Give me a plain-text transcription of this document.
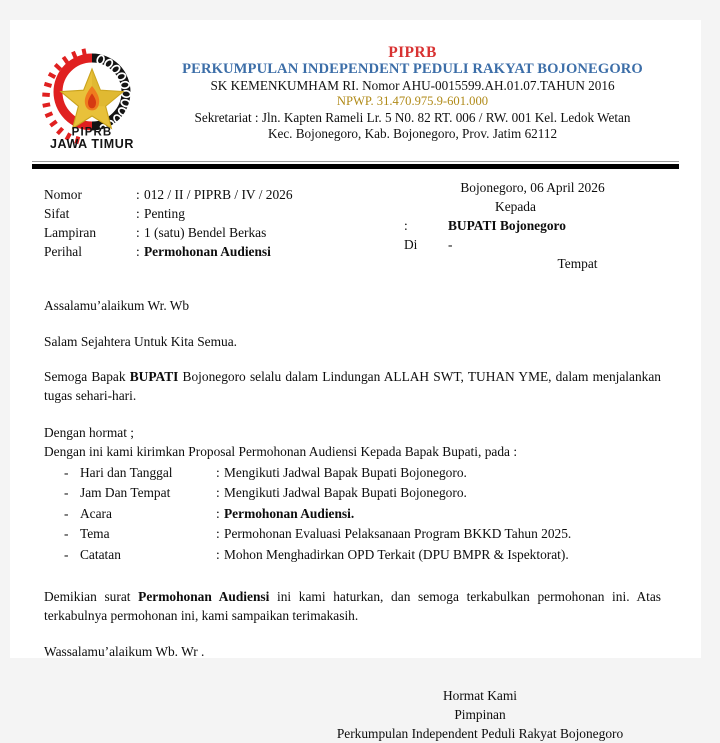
PIPRB
JAWA TIMUR
PIPRB
PERKUMPULAN INDEPENDENT PEDULI RAKYAT BOJONEGORO
SK KEMENKUMHAM RI. Nomor AHU-0015599.AH.01.07.TAHUN 2016
NPWP. 31.470.975.9-601.000
Sekretariat : Jln. Kapten Rameli Lr. 5 N0. 82 RT. 006 / RW. 001 Kel. Ledok Wetan
Kec. Bojonegoro, Kab. Bojonegoro, Prov. Jatim 62112
Nomor	: 012 / II / PIPRB / IV / 2026
Sifat	: Penting
Lampiran	: 1 (satu) Bendel Berkas
Perihal	: Permohonan Audiensi
Bojonegoro, 06 April 2026
Kepada
:	BUPATI Bojonegoro
Di	-
Tempat
Assalamu’alaikum Wr. Wb
Salam Sejahtera Untuk Kita Semua.
Semoga Bapak BUPATI Bojonegoro selalu dalam Lindungan ALLAH SWT, TUHAN YME, dalam menjalankan tugas sehari-hari.
Dengan hormat ;
Dengan ini kami kirimkan Proposal Permohonan Audiensi Kepada Bapak Bupati, pada :
- Hari dan Tanggal	: Mengikuti Jadwal Bapak Bupati Bojonegoro.
- Jam Dan Tempat	: Mengikuti Jadwal Bapak Bupati Bojonegoro.
- Acara	: Permohonan Audiensi.
- Tema	: Permohonan Evaluasi Pelaksanaan Program BKKD Tahun 2025.
- Catatan	: Mohon Menghadirkan OPD Terkait (DPU BMPR & Ispektorat).
Demikian surat Permohonan Audiensi ini kami haturkan, dan semoga terkabulkan permohonan ini. Atas terkabulnya permohonan ini, kami sampaikan terimakasih.
Wassalamu’alaikum Wb. Wr .
Hormat Kami
Pimpinan
Perkumpulan Independent Peduli Rakyat Bojonegoro
